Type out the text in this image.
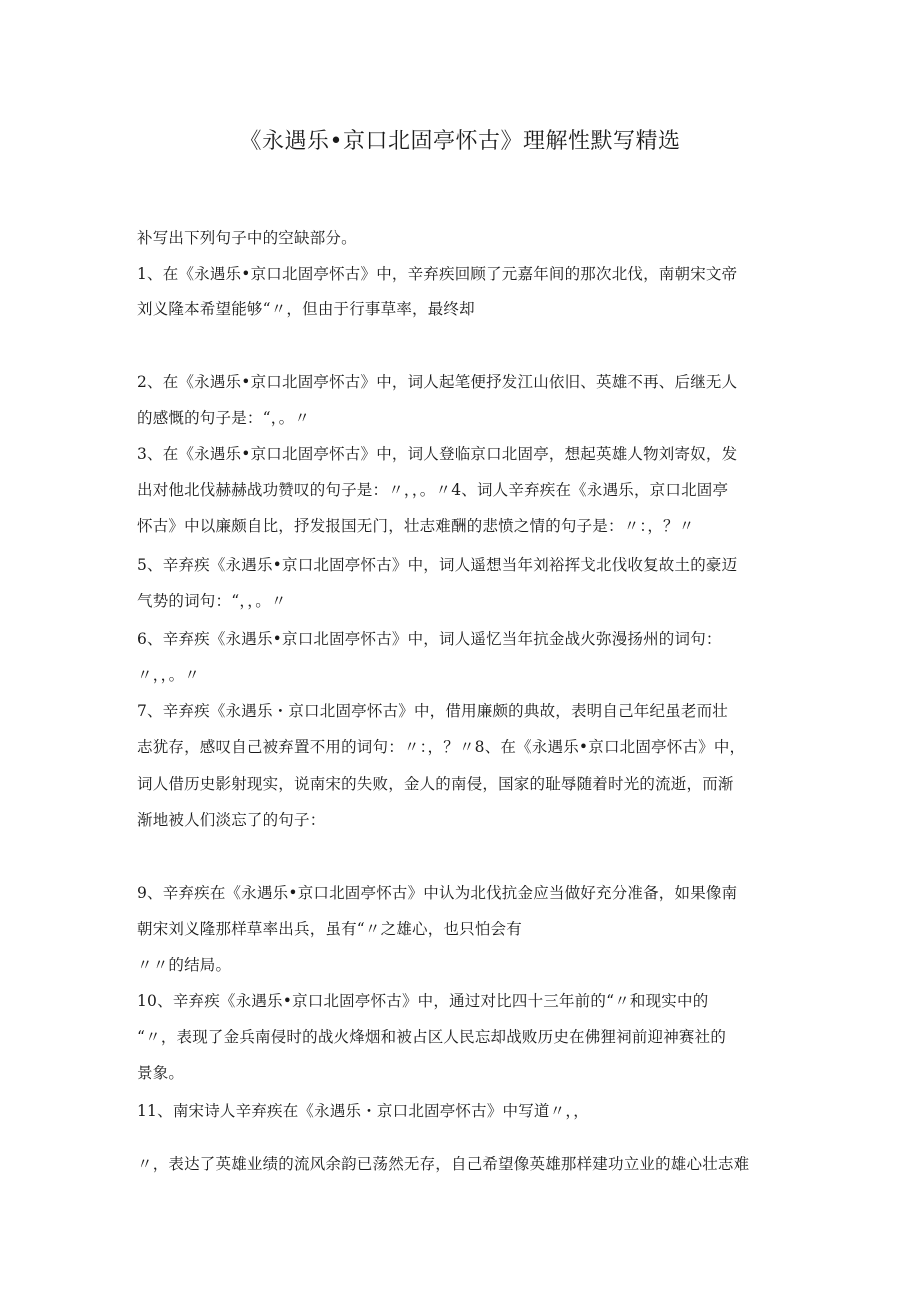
《永遇乐•京口北固亭怀古》理解性默写精选
补写出下列句子中的空缺部分。
1、在《永遇乐•京口北固亭怀古》中，辛弃疾回顾了元嘉年间的那次北伐，南朝宋文帝
刘义隆本希望能够“〃，但由于行事草率，最终却
2、在《永遇乐•京口北固亭怀古》中，词人起笔便抒发江山依旧、英雄不再、后继无人
的感慨的句子是：“，。〃
3、在《永遇乐•京口北固亭怀古》中，词人登临京口北固亭，想起英雄人物刘寄奴，发
出对他北伐赫赫战功赞叹的句子是：〃，，。〃4、词人辛弃疾在《永遇乐，京口北固亭
怀古》中以廉颇自比，抒发报国无门，壮志难酬的悲愤之情的句子是：〃：，？〃
5、辛弃疾《永遇乐•京口北固亭怀古》中，词人遥想当年刘裕挥戈北伐收复故土的豪迈
气势的词句：“，，。〃
6、辛弃疾《永遇乐•京口北固亭怀古》中，词人遥忆当年抗金战火弥漫扬州的词句：
〃，，。〃
7、辛弃疾《永遇乐・京口北固亭怀古》中，借用廉颇的典故，表明自己年纪虽老而壮
志犹存，感叹自己被弃置不用的词句：〃：，？〃8、在《永遇乐•京口北固亭怀古》中，
词人借历史影射现实，说南宋的失败，金人的南侵，国家的耻辱随着时光的流逝，而渐
渐地被人们淡忘了的句子：
9、辛弃疾在《永遇乐•京口北固亭怀古》中认为北伐抗金应当做好充分准备，如果像南
朝宋刘义隆那样草率出兵，虽有“〃之雄心，也只怕会有
〃〃的结局。
10、辛弃疾《永遇乐•京口北固亭怀古》中，通过对比四十三年前的“〃和现实中的
“〃，表现了金兵南侵时的战火烽烟和被占区人民忘却战败历史在佛狸祠前迎神赛社的
景象。
11、南宋诗人辛弃疾在《永遇乐・京口北固亭怀古》中写道〃，，
〃，表达了英雄业绩的流风余韵已荡然无存，自己希望像英雄那样建功立业的雄心壮志难
